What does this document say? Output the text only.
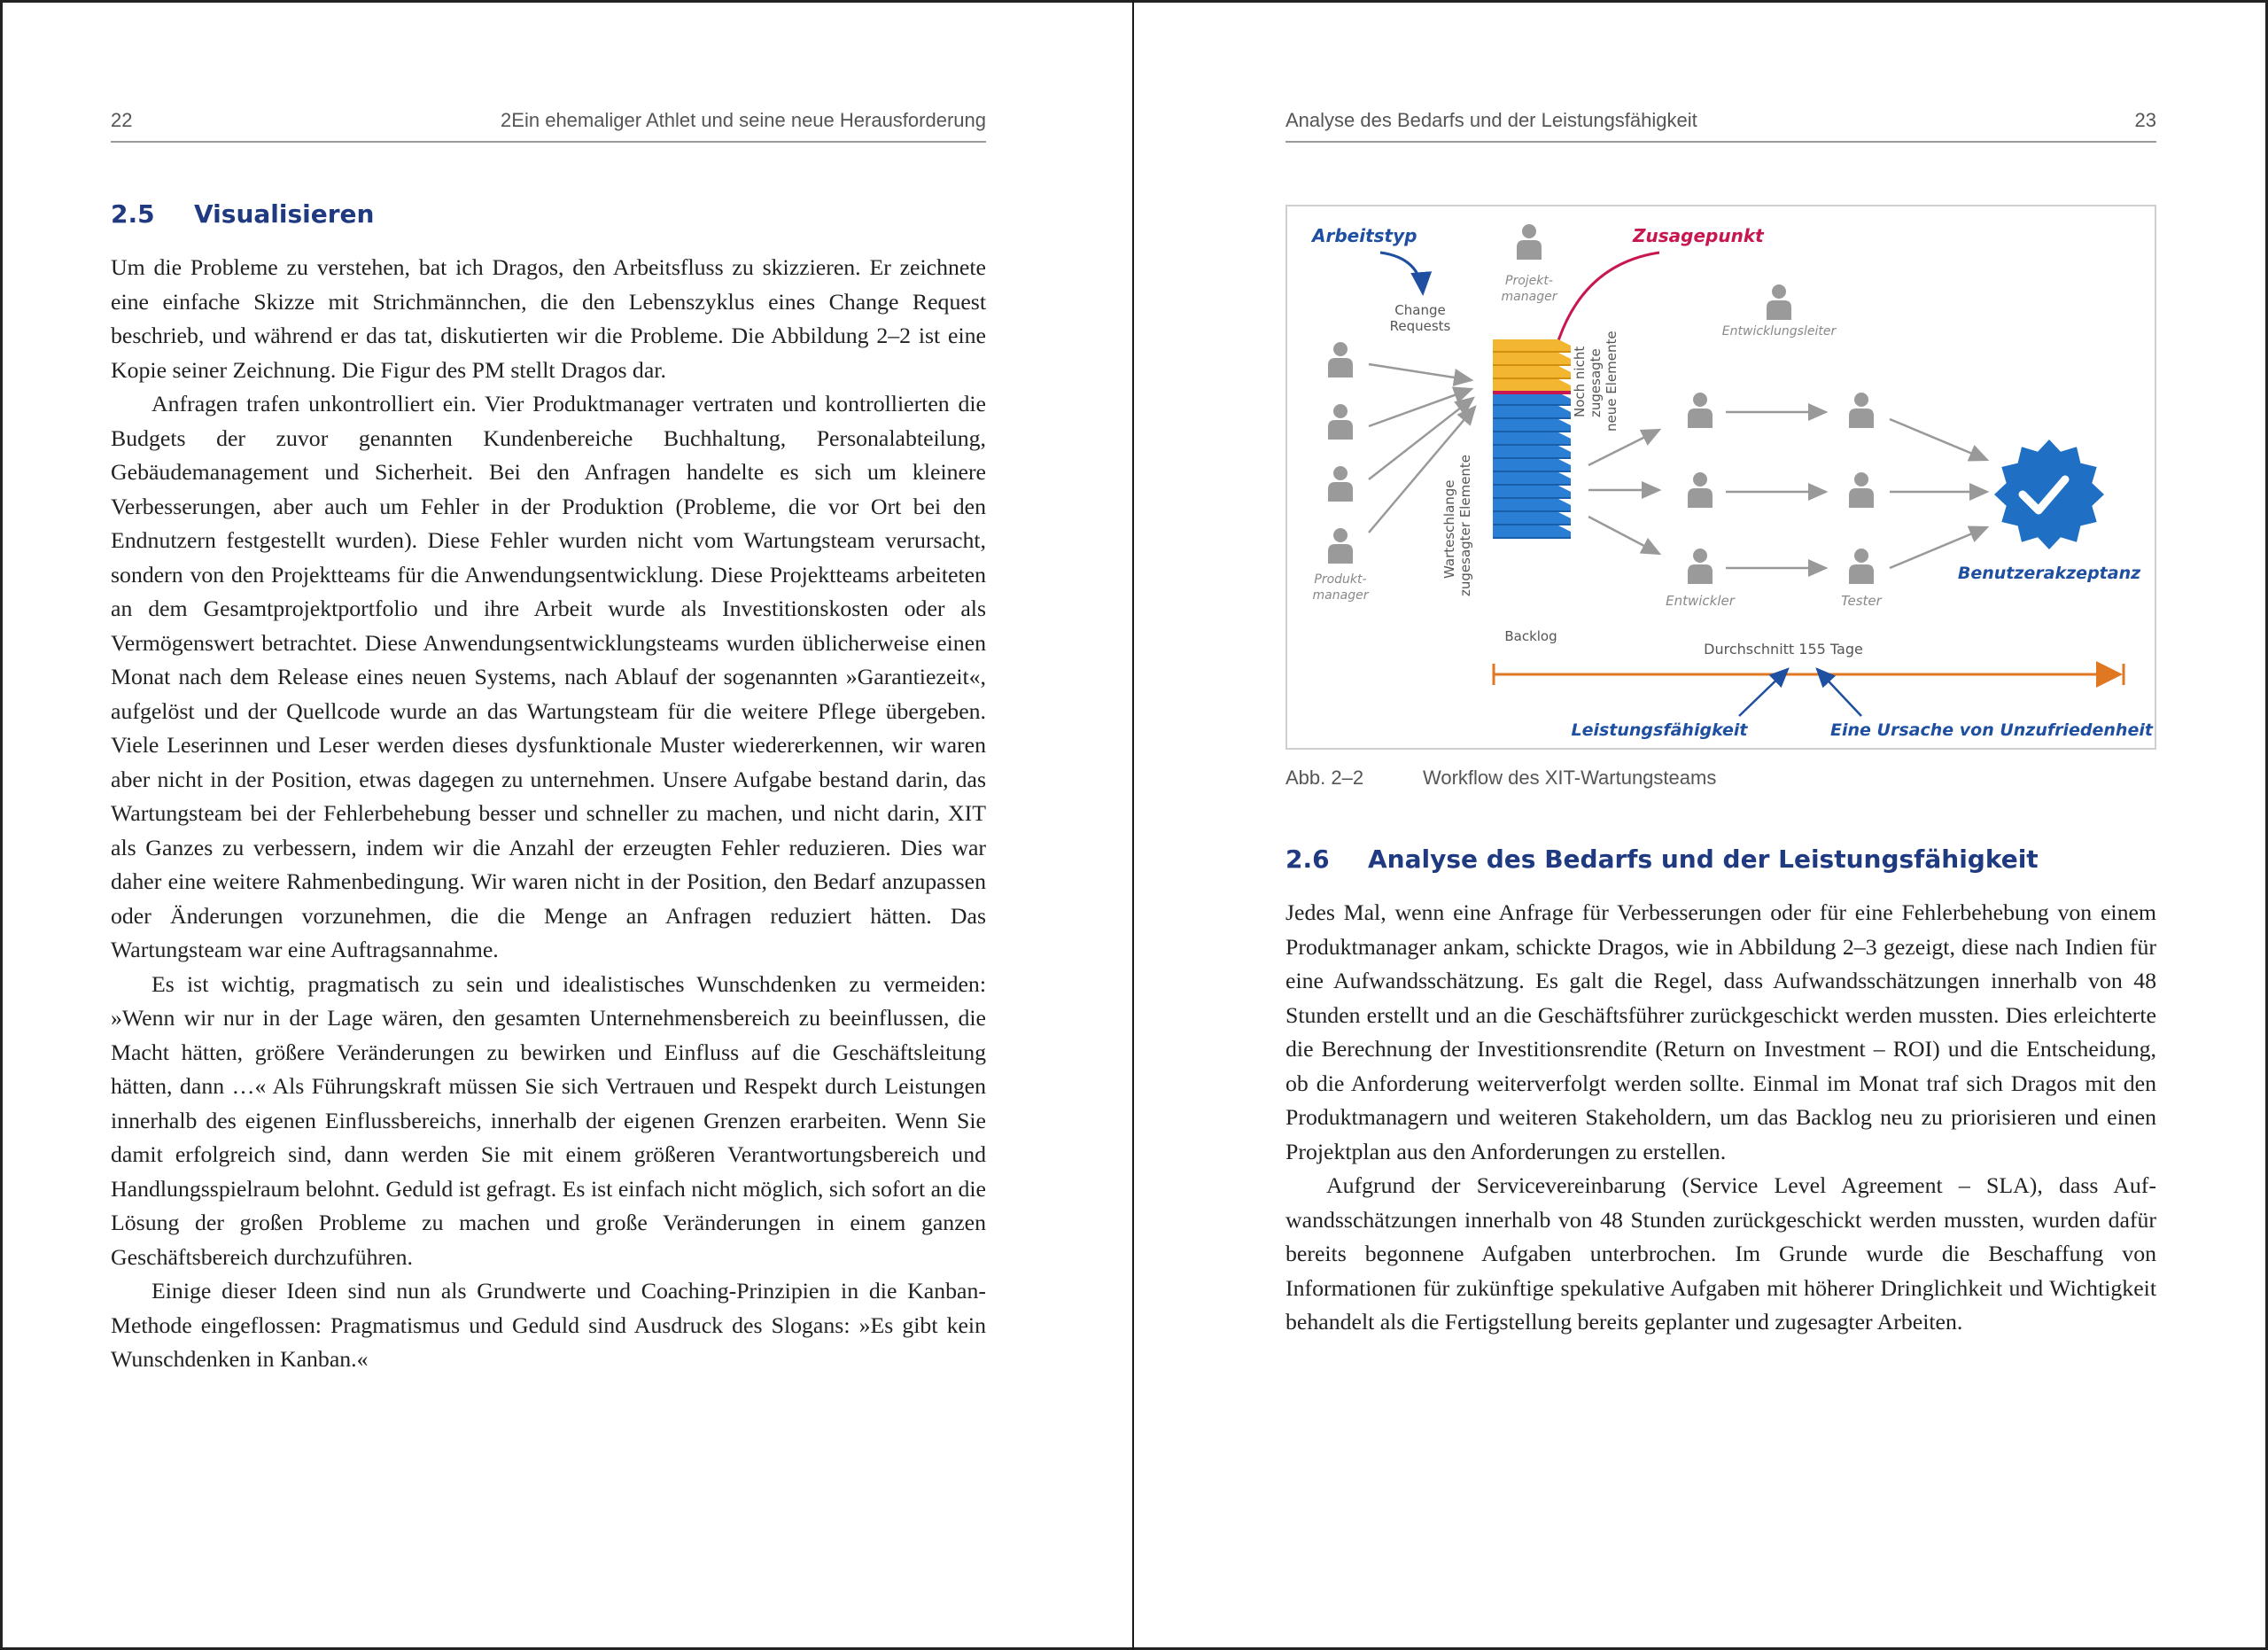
22	2 Ein ehemaliger Athlet und seine neue Herausforderung
2.5 Visualisieren

Um die Probleme zu verstehen, bat ich Dragos, den Arbeitsfluss zu skizzieren. Er zeichnete eine einfache Skizze mit Strichmännchen, die den Lebenszyklus eines Change Request beschrieb, und während er das tat, diskutierten wir die Probleme. Die Abbildung 2–2 ist eine Kopie seiner Zeichnung. Die Figur des PM stellt Dragos dar.

Anfragen trafen unkontrolliert ein. Vier Produktmanager vertraten und kontrollierten die Budgets der zuvor genannten Kundenbereiche Buchhaltung, Personalabteilung, Gebäudemanagement und Sicherheit. Bei den Anfragen handelte es sich um kleinere Verbesserungen, aber auch um Fehler in der Produktion (Probleme, die vor Ort bei den Endnutzern festgestellt wurden). Diese Fehler wurden nicht vom Wartungsteam verursacht, sondern von den Projektteams für die Anwendungsentwicklung. Diese Projektteams arbeiteten an dem Gesamtprojektportfolio und ihre Arbeit wurde als Investitionskosten oder als Vermögenswert betrachtet. Diese Anwendungsentwicklungsteams wurden üblicherweise einen Monat nach dem Release eines neuen Systems, nach Ablauf der sogenannten »Garantiezeit«, aufgelöst und der Quellcode wurde an das Wartungsteam für die weitere Pflege übergeben. Viele Leserinnen und Leser werden dieses dysfunktionale Muster wiedererkennen, wir waren aber nicht in der Position, etwas dagegen zu unternehmen. Unsere Aufgabe bestand darin, das Wartungsteam bei der Fehlerbehebung besser und schneller zu machen, und nicht darin, XIT als Ganzes zu verbessern, indem wir die Anzahl der erzeugten Fehler reduzieren. Dies war daher eine weitere Rahmenbedingung. Wir waren nicht in der Position, den Bedarf anzupassen oder Änderungen vorzunehmen, die die Menge an Anfragen reduziert hätten. Das Wartungsteam war eine Auftragsannahme.

Es ist wichtig, pragmatisch zu sein und idealistisches Wunschdenken zu vermeiden: »Wenn wir nur in der Lage wären, den gesamten Unternehmensbereich zu beeinflussen, die Macht hätten, größere Veränderungen zu bewirken und Einfluss auf die Geschäftsleitung hätten, dann …« Als Führungskraft müssen Sie sich Vertrauen und Respekt durch Leistungen innerhalb des eigenen Einflussbereichs, innerhalb der eigenen Grenzen erarbeiten. Wenn Sie damit erfolgreich sind, dann werden Sie mit einem größeren Verantwortungsbereich und Handlungsspielraum belohnt. Geduld ist gefragt. Es ist einfach nicht möglich, sich sofort an die Lösung der großen Probleme zu machen und große Veränderungen in einem ganzen Geschäftsbereich durchzuführen.

Einige dieser Ideen sind nun als Grundwerte und Coaching-Prinzipien in die Kanban-Methode eingeflossen: Pragmatismus und Geduld sind Ausdruck des Slogans: »Es gibt kein Wunschdenken in Kanban.«

Analyse des Bedarfs und der Leistungsfähigkeit	23
Arbeitstyp
Change
Requests
Projekt-
manager
Zusagepunkt
Entwicklungsleiter
Produkt-
manager
Warteschlange zugesagter Elemente
Noch nicht zugesagte neue Elemente
Backlog
Entwickler	Tester
Benutzerakzeptanz
Durchschnitt 155 Tage
Leistungsfähigkeit	Eine Ursache von Unzufriedenheit
Abb. 2–2	Workflow des XIT-Wartungsteams
2.6 Analyse des Bedarfs und der Leistungsfähigkeit

Jedes Mal, wenn eine Anfrage für Verbesserungen oder für eine Fehlerbehebung von einem Produktmanager ankam, schickte Dragos, wie in Abbildung 2–3 gezeigt, diese nach Indien für eine Aufwandsschätzung. Es galt die Regel, dass Aufwandsschätzungen innerhalb von 48 Stunden erstellt und an die Geschäftsführer zurückgeschickt werden mussten. Dies erleichterte die Berechnung der Investitionsrendite (Return on Investment – ROI) und die Entscheidung, ob die Anforderung weiterverfolgt werden sollte. Einmal im Monat traf sich Dragos mit den Produktmanagern und weiteren Stakeholdern, um das Backlog neu zu priorisieren und einen Projektplan aus den Anforderungen zu erstellen.

Aufgrund der Servicevereinbarung (Service Level Agreement – SLA), dass Aufwandsschätzungen innerhalb von 48 Stunden zurückgeschickt werden mussten, wurden dafür bereits begonnene Aufgaben unterbrochen. Im Grunde wurde die Beschaffung von Informationen für zukünftige spekulative Aufgaben mit höherer Dringlichkeit und Wichtigkeit behandelt als die Fertigstellung bereits geplanter und zugesagter Arbeiten.
